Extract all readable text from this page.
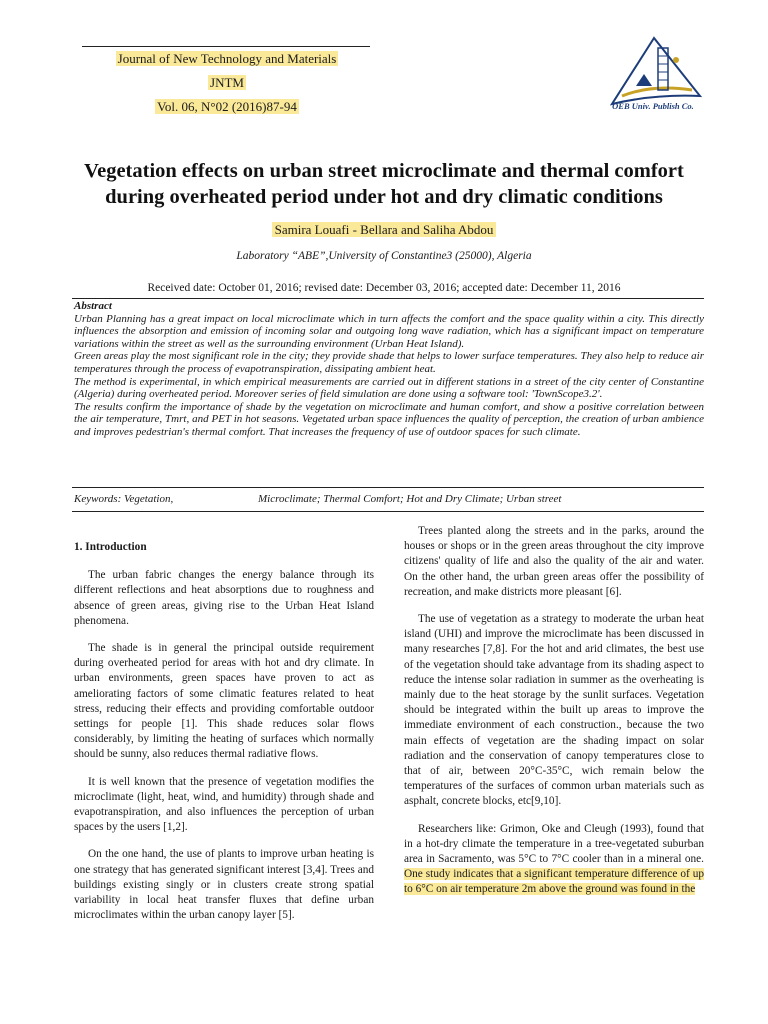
Journal of New Technology and Materials
JNTM
Vol. 06, N°02 (2016)87-94	OEB Univ. Publish Co.
Vegetation effects on urban street microclimate and thermal comfort
during overheated period under hot and dry climatic conditions
Samira Louafi - Bellara and Saliha Abdou
Laboratory “ABE”,University of Constantine3 (25000), Algeria
Received date: October 01, 2016; revised date: December 03, 2016; accepted date: December 11, 2016

Abstract

Urban Planning has a great impact on local microclimate which in turn affects the comfort and the space quality within a city. This directly influences the absorption and emission of incoming solar and outgoing long wave radiation, which has a significant impact on temperature variations within the street as well as the surrounding environment (Urban Heat Island).

Green areas play the most significant role in the city; they provide shade that helps to lower surface temperatures. They also help to reduce air temperatures through the process of evapotranspiration, dissipating ambient heat.

The method is experimental, in which empirical measurements are carried out in different stations in a street of the city center of Constantine (Algeria) during overheated period. Moreover series of field simulation are done using a software tool: 'TownScope3.2'.

The results confirm the importance of shade by the vegetation on microclimate and human comfort, and show a positive correlation between the air temperature, Tmrt, and PET in hot seasons. Vegetated urban space influences the quality of perception, the creation of urban ambience and improves pedestrian's thermal comfort. That increases the frequency of use of outdoor spaces for such climate.

Keywords: Vegetation,	Microclimate; Thermal Comfort; Hot and Dry Climate; Urban street
1. Introduction

The urban fabric changes the energy balance through its different reflections and heat absorptions due to roughness and absence of green areas, giving rise to the Urban Heat Island phenomena.

The shade is in general the principal outside requirement during overheated period for areas with hot and dry climate. In urban environments, green spaces have proven to act as ameliorating factors of some climatic features related to heat stress, reducing their effects and providing comfortable outdoor settings for people [1]. This shade reduces solar flows considerably, by limiting the heating of surfaces which normally should be sunny, also reduces thermal radiative flows.

It is well known that the presence of vegetation modifies the microclimate (light, heat, wind, and humidity) through shade and evapotranspiration, and also influences the perception of urban spaces by the users [1,2].

On the one hand, the use of plants to improve urban heating is one strategy that has generated significant interest [3,4]. Trees and buildings existing singly or in clusters create strong spatial variability in local heat transfer fluxes that define urban microclimates within the urban canopy layer [5].

Trees planted along the streets and in the parks, around the houses or shops or in the green areas throughout the city improve citizens' quality of life and also the quality of the air and water. On the other hand, the urban green areas offer the possibility of recreation, and make districts more pleasant [6].

The use of vegetation as a strategy to moderate the urban heat island (UHI) and improve the microclimate has been discussed in many researches [7,8]. For the hot and arid climates, the best use of the vegetation should take advantage from its shading aspect to reduce the intense solar radiation in summer as the overheating is mainly due to the heat storage by the sunlit surfaces. Vegetation should be integrated within the built up areas to improve the immediate environment of each construction., because the two main effects of vegetation are the shading impact on solar radiation and the conservation of canopy temperatures close to that of air, between 20°C-35°C, wich remain below the temperatures of the surfaces of common urban materials such as asphalt, concrete blocks, etc[9,10].

Researchers like: Grimon, Oke and Cleugh (1993), found that in a hot-dry climate the temperature in a tree-vegetated suburban area in Sacramento, was 5°C to 7°C cooler than in a mineral one. One study indicates that a significant temperature difference of up to 6°C on air temperature 2m above the ground was found in the
